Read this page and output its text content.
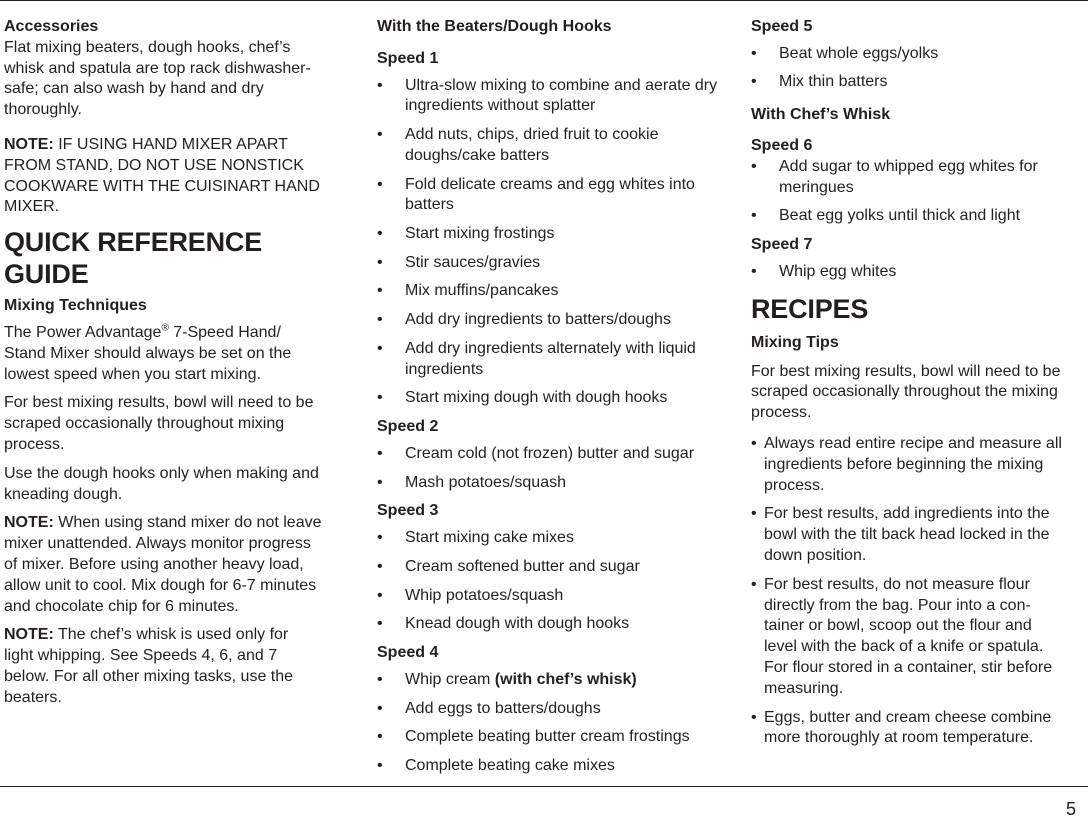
Accessories

Flat mixing beaters, dough hooks, chef’s whisk and spatula are top rack dishwasher-safe; can also wash by hand and dry thoroughly.

NOTE: IF USING HAND MIXER APART FROM STAND, DO NOT USE NONSTICK COOKWARE WITH THE CUISINART HAND MIXER.

QUICK REFERENCE GUIDE
Mixing Techniques

The Power Advantage® 7-Speed Hand/ Stand Mixer should always be set on the lowest speed when you start mixing.

For best mixing results, bowl will need to be scraped occasionally throughout mixing process.

Use the dough hooks only when making and kneading dough.

NOTE: When using stand mixer do not leave mixer unattended. Always monitor progress of mixer. Before using another heavy load, allow unit to cool. Mix dough for 6-7 minutes and chocolate chip for 6 minutes.

NOTE: The chef’s whisk is used only for light whipping. See Speeds 4, 6, and 7 below. For all other mixing tasks, use the beaters.

With the Beaters/Dough Hooks
Speed 1
• Ultra-slow mixing to combine and aerate dry ingredients without splatter
• Add nuts, chips, dried fruit to cookie doughs/cake batters
• Fold delicate creams and egg whites into batters
• Start mixing frostings
• Stir sauces/gravies
• Mix muffins/pancakes
• Add dry ingredients to batters/doughs
• Add dry ingredients alternately with liquid ingredients
• Start mixing dough with dough hooks
Speed 2
• Cream cold (not frozen) butter and sugar
• Mash potatoes/squash
Speed 3
• Start mixing cake mixes
• Cream softened butter and sugar
• Whip potatoes/squash
• Knead dough with dough hooks
Speed 4
• Whip cream (with chef’s whisk)
• Add eggs to batters/doughs
• Complete beating butter cream frostings
• Complete beating cake mixes
Speed 5
• Beat whole eggs/yolks
• Mix thin batters
With Chef’s Whisk
Speed 6
• Add sugar to whipped egg whites for meringues
• Beat egg yolks until thick and light
Speed 7
• Whip egg whites
RECIPES
Mixing Tips

For best mixing results, bowl will need to be scraped occasionally throughout the mixing process.

• Always read entire recipe and measure all ingredients before beginning the mixing process.
• For best results, add ingredients into the bowl with the tilt back head locked in the down position.
• For best results, do not measure flour directly from the bag. Pour into a con-tainer or bowl, scoop out the flour and level with the back of a knife or spatula. For flour stored in a container, stir before measuring.
• Eggs, butter and cream cheese combine more thoroughly at room temperature.
5
